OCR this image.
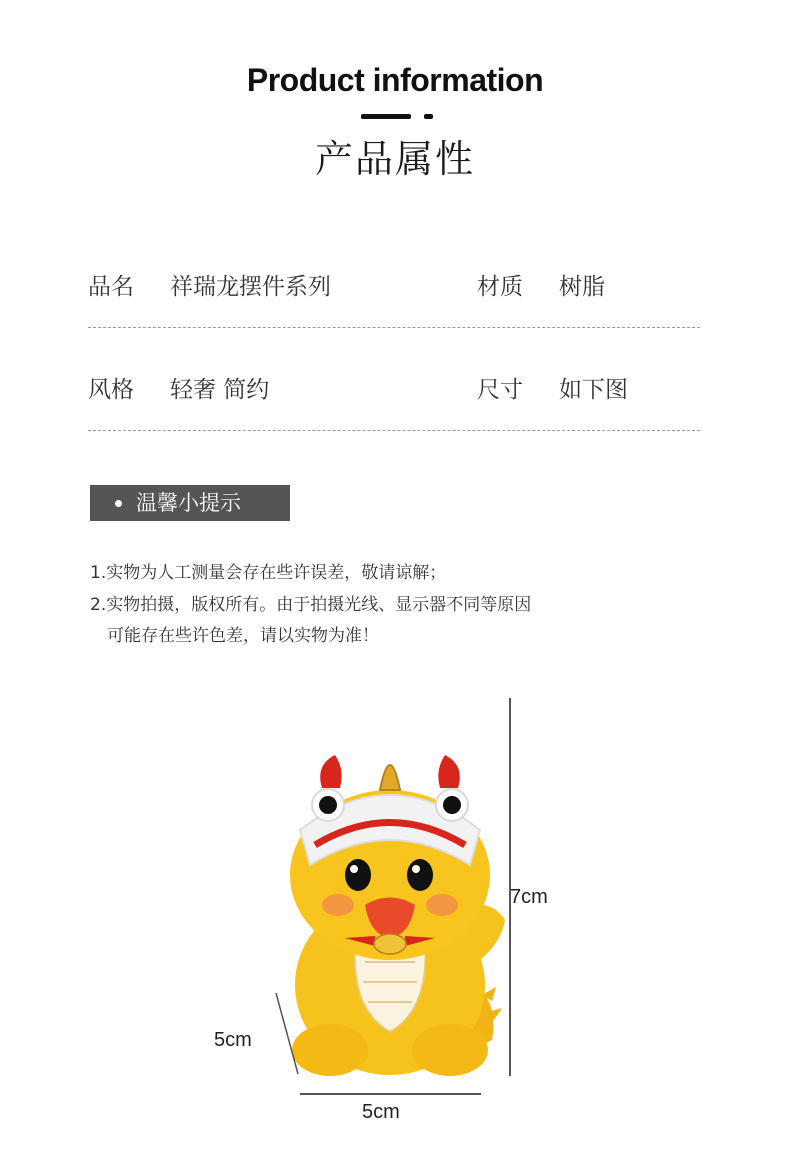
Product information
产品属性
品名 祥瑞龙摆件系列	材质 树脂
风格 轻奢 简约	尺寸 如下图
温馨小提示
1.实物为人工测量会存在些许误差，敬请谅解；
2.实物拍摄，版权所有。由于拍摄光线、显示器不同等原因
可能存在些许色差，请以实物为准！
7cm
5cm
5cm
